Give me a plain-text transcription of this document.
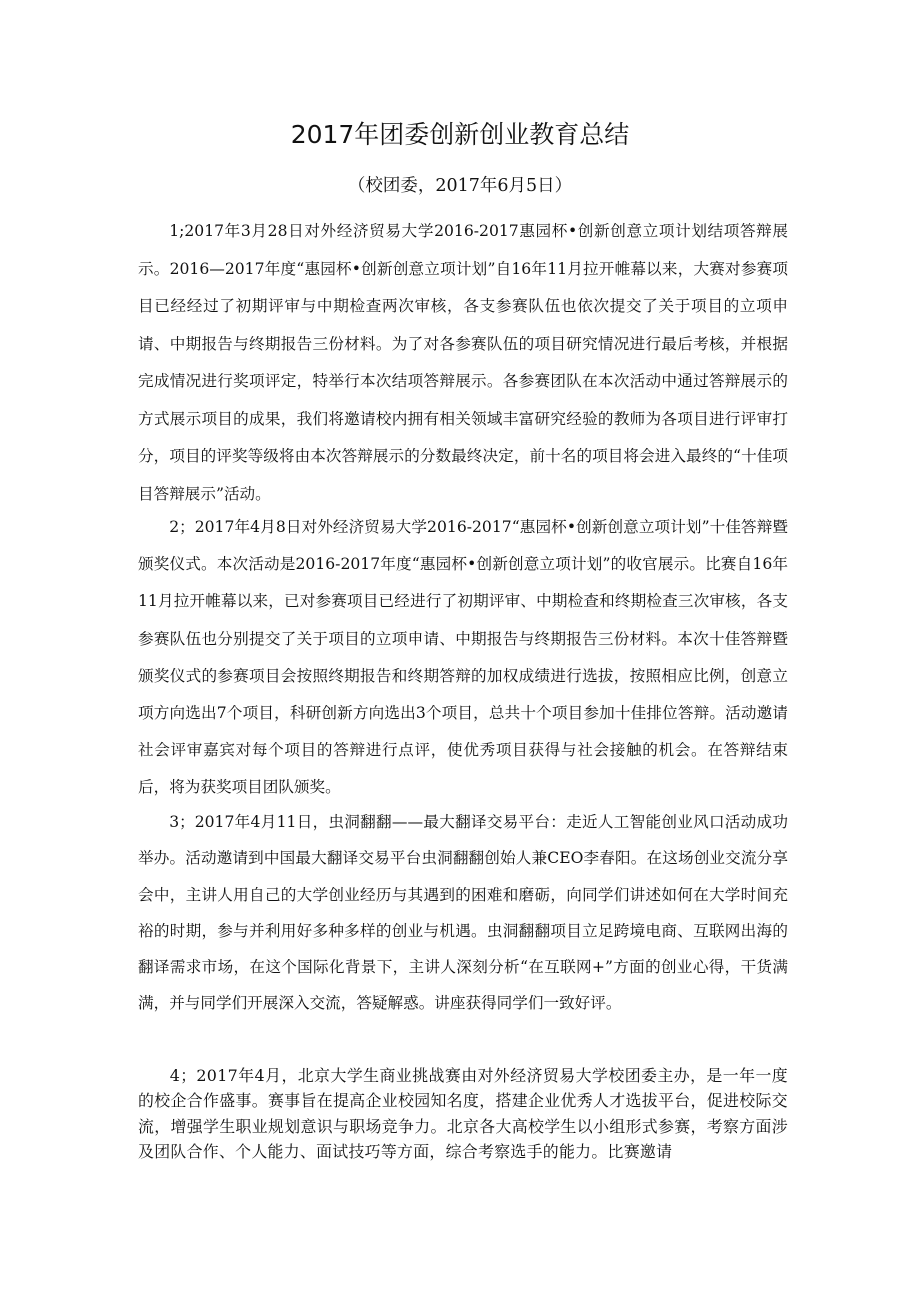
2017年团委创新创业教育总结

（校团委，2017年6月5日）

1;2017年3月28日对外经济贸易大学2016-2017惠园杯•创新创意立项计划结项答辩展示。2016—2017年度“惠园杯•创新创意立项计划”自16年11月拉开帷幕以来，大赛对参赛项目已经经过了初期评审与中期检查两次审核，各支参赛队伍也依次提交了关于项目的立项申请、中期报告与终期报告三份材料。为了对各参赛队伍的项目研究情况进行最后考核，并根据完成情况进行奖项评定，特举行本次结项答辩展示。各参赛团队在本次活动中通过答辩展示的方式展示项目的成果，我们将邀请校内拥有相关领域丰富研究经验的教师为各项目进行评审打分，项目的评奖等级将由本次答辩展示的分数最终决定，前十名的项目将会进入最终的“十佳项目答辩展示”活动。

2；2017年4月8日对外经济贸易大学2016-2017“惠园杯•创新创意立项计划”十佳答辩暨颁奖仪式。本次活动是2016-2017年度“惠园杯•创新创意立项计划”的收官展示。比赛自16年11月拉开帷幕以来，已对参赛项目已经进行了初期评审、中期检查和终期检查三次审核，各支参赛队伍也分别提交了关于项目的立项申请、中期报告与终期报告三份材料。本次十佳答辩暨颁奖仪式的参赛项目会按照终期报告和终期答辩的加权成绩进行选拔，按照相应比例，创意立项方向选出7个项目，科研创新方向选出3个项目，总共十个项目参加十佳排位答辩。活动邀请社会评审嘉宾对每个项目的答辩进行点评，使优秀项目获得与社会接触的机会。在答辩结束后，将为获奖项目团队颁奖。

3；2017年4月11日，虫洞翻翻——最大翻译交易平台：走近人工智能创业风口活动成功举办。活动邀请到中国最大翻译交易平台虫洞翻翻创始人兼CEO李春阳。在这场创业交流分享会中，主讲人用自己的大学创业经历与其遇到的困难和磨砺，向同学们讲述如何在大学时间充裕的时期，参与并利用好多种多样的创业与机遇。虫洞翻翻项目立足跨境电商、互联网出海的翻译需求市场，在这个国际化背景下，主讲人深刻分析“在互联网+”方面的创业心得，干货满满，并与同学们开展深入交流，答疑解惑。讲座获得同学们一致好评。

4；2017年4月，北京大学生商业挑战赛由对外经济贸易大学校团委主办，是一年一度的校企合作盛事。赛事旨在提高企业校园知名度，搭建企业优秀人才选拔平台，促进校际交流，增强学生职业规划意识与职场竞争力。北京各大高校学生以小组形式参赛，考察方面涉及团队合作、个人能力、面试技巧等方面，综合考察选手的能力。比赛邀请
